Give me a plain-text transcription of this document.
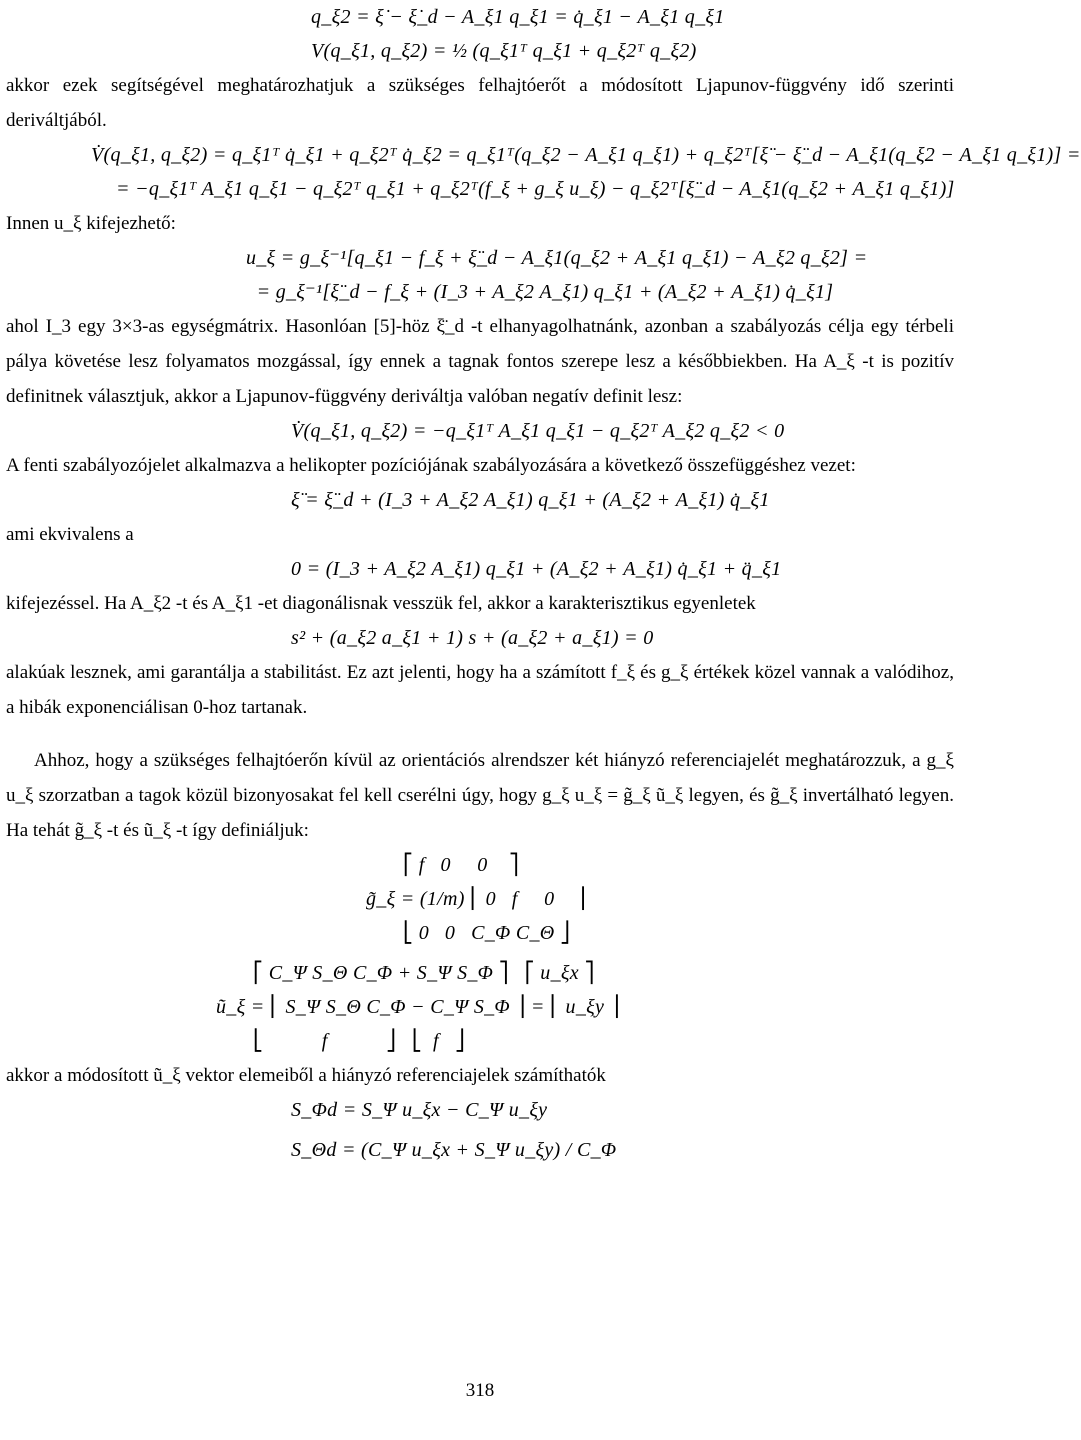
q_ξ2 = ξ̇ − ξ̇_d − A_ξ1 q_ξ1 = q̇_ξ1 − A_ξ1 q_ξ1
V(q_ξ1, q_ξ2) = ½ (q_ξ1ᵀ q_ξ1 + q_ξ2ᵀ q_ξ2)
akkor ezek segítségével meghatározhatjuk a szükséges felhajtóerőt a módosított Ljapunov-függvény idő szerinti deriváltjából.
V̇(q_ξ1, q_ξ2) = q_ξ1ᵀ q̇_ξ1 + q_ξ2ᵀ q̇_ξ2 = q_ξ1ᵀ(q_ξ2 − A_ξ1 q_ξ1) + q_ξ2ᵀ[ξ̈ − ξ̈_d − A_ξ1(q_ξ2 − A_ξ1 q_ξ1)] =
= −q_ξ1ᵀ A_ξ1 q_ξ1 − q_ξ2ᵀ q_ξ1 + q_ξ2ᵀ(f_ξ + g_ξ u_ξ) − q_ξ2ᵀ[ξ̈_d − A_ξ1(q_ξ2 + A_ξ1 q_ξ1)]
Innen u_ξ kifejezhető:
u_ξ = g_ξ⁻¹[q_ξ1 − f_ξ + ξ̈_d − A_ξ1(q_ξ2 + A_ξ1 q_ξ1) − A_ξ2 q_ξ2] =
= g_ξ⁻¹[ξ̈_d − f_ξ + (I_3 + A_ξ2 A_ξ1) q_ξ1 + (A_ξ2 + A_ξ1) q̇_ξ1]
ahol I_3 egy 3×3-as egységmátrix. Hasonlóan [5]-höz ξ̈_d -t elhanyagolhatnánk, azonban a szabályozás célja egy térbeli pálya követése lesz folyamatos mozgással, így ennek a tagnak fontos szerepe lesz a későbbiekben. Ha A_ξ -t is pozitív definitnek választjuk, akkor a Ljapunov-függvény deriváltja valóban negatív definit lesz:
V̇(q_ξ1, q_ξ2) = −q_ξ1ᵀ A_ξ1 q_ξ1 − q_ξ2ᵀ A_ξ2 q_ξ2 < 0
A fenti szabályozójelet alkalmazva a helikopter pozíciójának szabályozására a következő összefüggéshez vezet:
ξ̈ = ξ̈_d + (I_3 + A_ξ2 A_ξ1) q_ξ1 + (A_ξ2 + A_ξ1) q̇_ξ1
ami ekvivalens a
0 = (I_3 + A_ξ2 A_ξ1) q_ξ1 + (A_ξ2 + A_ξ1) q̇_ξ1 + q̈_ξ1
kifejezéssel. Ha A_ξ2 -t és A_ξ1 -et diagonálisnak vesszük fel, akkor a karakterisztikus egyenletek
s² + (a_ξ2 a_ξ1 + 1) s + (a_ξ2 + a_ξ1) = 0
alakúak lesznek, ami garantálja a stabilitást. Ez azt jelenti, hogy ha a számított f_ξ és g_ξ értékek közel vannak a valódihoz, a hibák exponenciálisan 0-hoz tartanak.
Ahhoz, hogy a szükséges felhajtóerőn kívül az orientációs alrendszer két hiányzó referenciajelét meghatározzuk, a g_ξ u_ξ szorzatban a tagok közül bizonyosakat fel kell cserélni úgy, hogy g_ξ u_ξ = g̃_ξ ũ_ξ legyen, és g̃_ξ invertálható legyen. Ha tehát g̃_ξ -t és ũ_ξ -t így definiáljuk:
⎡ f   0     0    ⎤
g̃_ξ = (1/m) ⎢ 0   f     0    ⎥
⎣ 0   0   C_Φ C_Θ ⎦
⎡ C_Ψ S_Θ C_Φ + S_Ψ S_Φ ⎤   ⎡ u_ξx ⎤
ũ_ξ = ⎢ S_Ψ S_Θ C_Φ − C_Ψ S_Φ ⎥ = ⎢ u_ξy ⎥
⎣           f           ⎦   ⎣  f   ⎦
akkor a módosított ũ_ξ vektor elemeiből a hiányzó referenciajelek számíthatók
S_Φd = S_Ψ u_ξx − C_Ψ u_ξy
S_Θd = (C_Ψ u_ξx + S_Ψ u_ξy) / C_Φ
318
